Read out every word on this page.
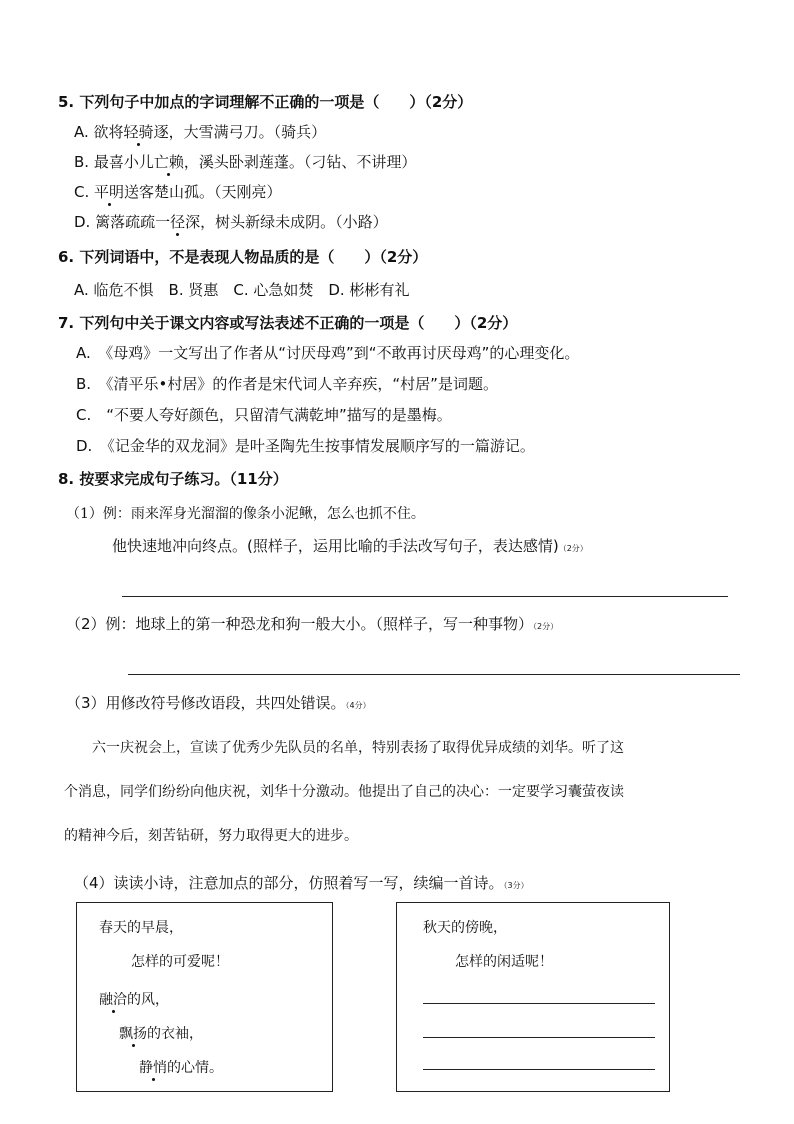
5. 下列句子中加点的字词理解不正确的一项是（　　）（2分）
A. 欲将轻骑逐，大雪满弓刀。（骑兵）
B. 最喜小儿亡赖，溪头卧剥莲蓬。（刁钻、不讲理）
C. 平明送客楚山孤。（天刚亮）
D. 篱落疏疏一径深，树头新绿未成阴。（小路）
6. 下列词语中，不是表现人物品质的是（　　）（2分）
A. 临危不惧　B. 贤惠　C. 心急如焚　D. 彬彬有礼
7. 下列句中关于课文内容或写法表述不正确的一项是（　　）（2分）
A.　《母鸡》一文写出了作者从“讨厌母鸡”到“不敢再讨厌母鸡”的心理变化。
B.　《清平乐•村居》的作者是宋代词人辛弃疾，“村居”是词题。
C.　“不要人夸好颜色，只留清气满乾坤”描写的是墨梅。
D.　《记金华的双龙洞》是叶圣陶先生按事情发展顺序写的一篇游记。
8. 按要求完成句子练习。（11分）
（1）例：雨来浑身光溜溜的像条小泥鳅，怎么也抓不住。
他快速地冲向终点。(照样子，运用比喻的手法改写句子，表达感情)（2分）
（2）例：地球上的第一种恐龙和狗一般大小。（照样子，写一种事物）（2分）
（3）用修改符号修改语段，共四处错误。（4分）
六一庆祝会上，宣读了优秀少先队员的名单，特别表扬了取得优异成绩的刘华。听了这
个消息，同学们纷纷向他庆祝，刘华十分激动。他提出了自己的决心：一定要学习囊萤夜读
的精神今后，刻苦钻研，努力取得更大的进步。
（4）读读小诗，注意加点的部分，仿照着写一写，续编一首诗。（3分）
春天的早晨，
怎样的可爱呢！
融洽的风，
飘扬的衣袖，
静悄的心情。
秋天的傍晚，
怎样的闲适呢！
